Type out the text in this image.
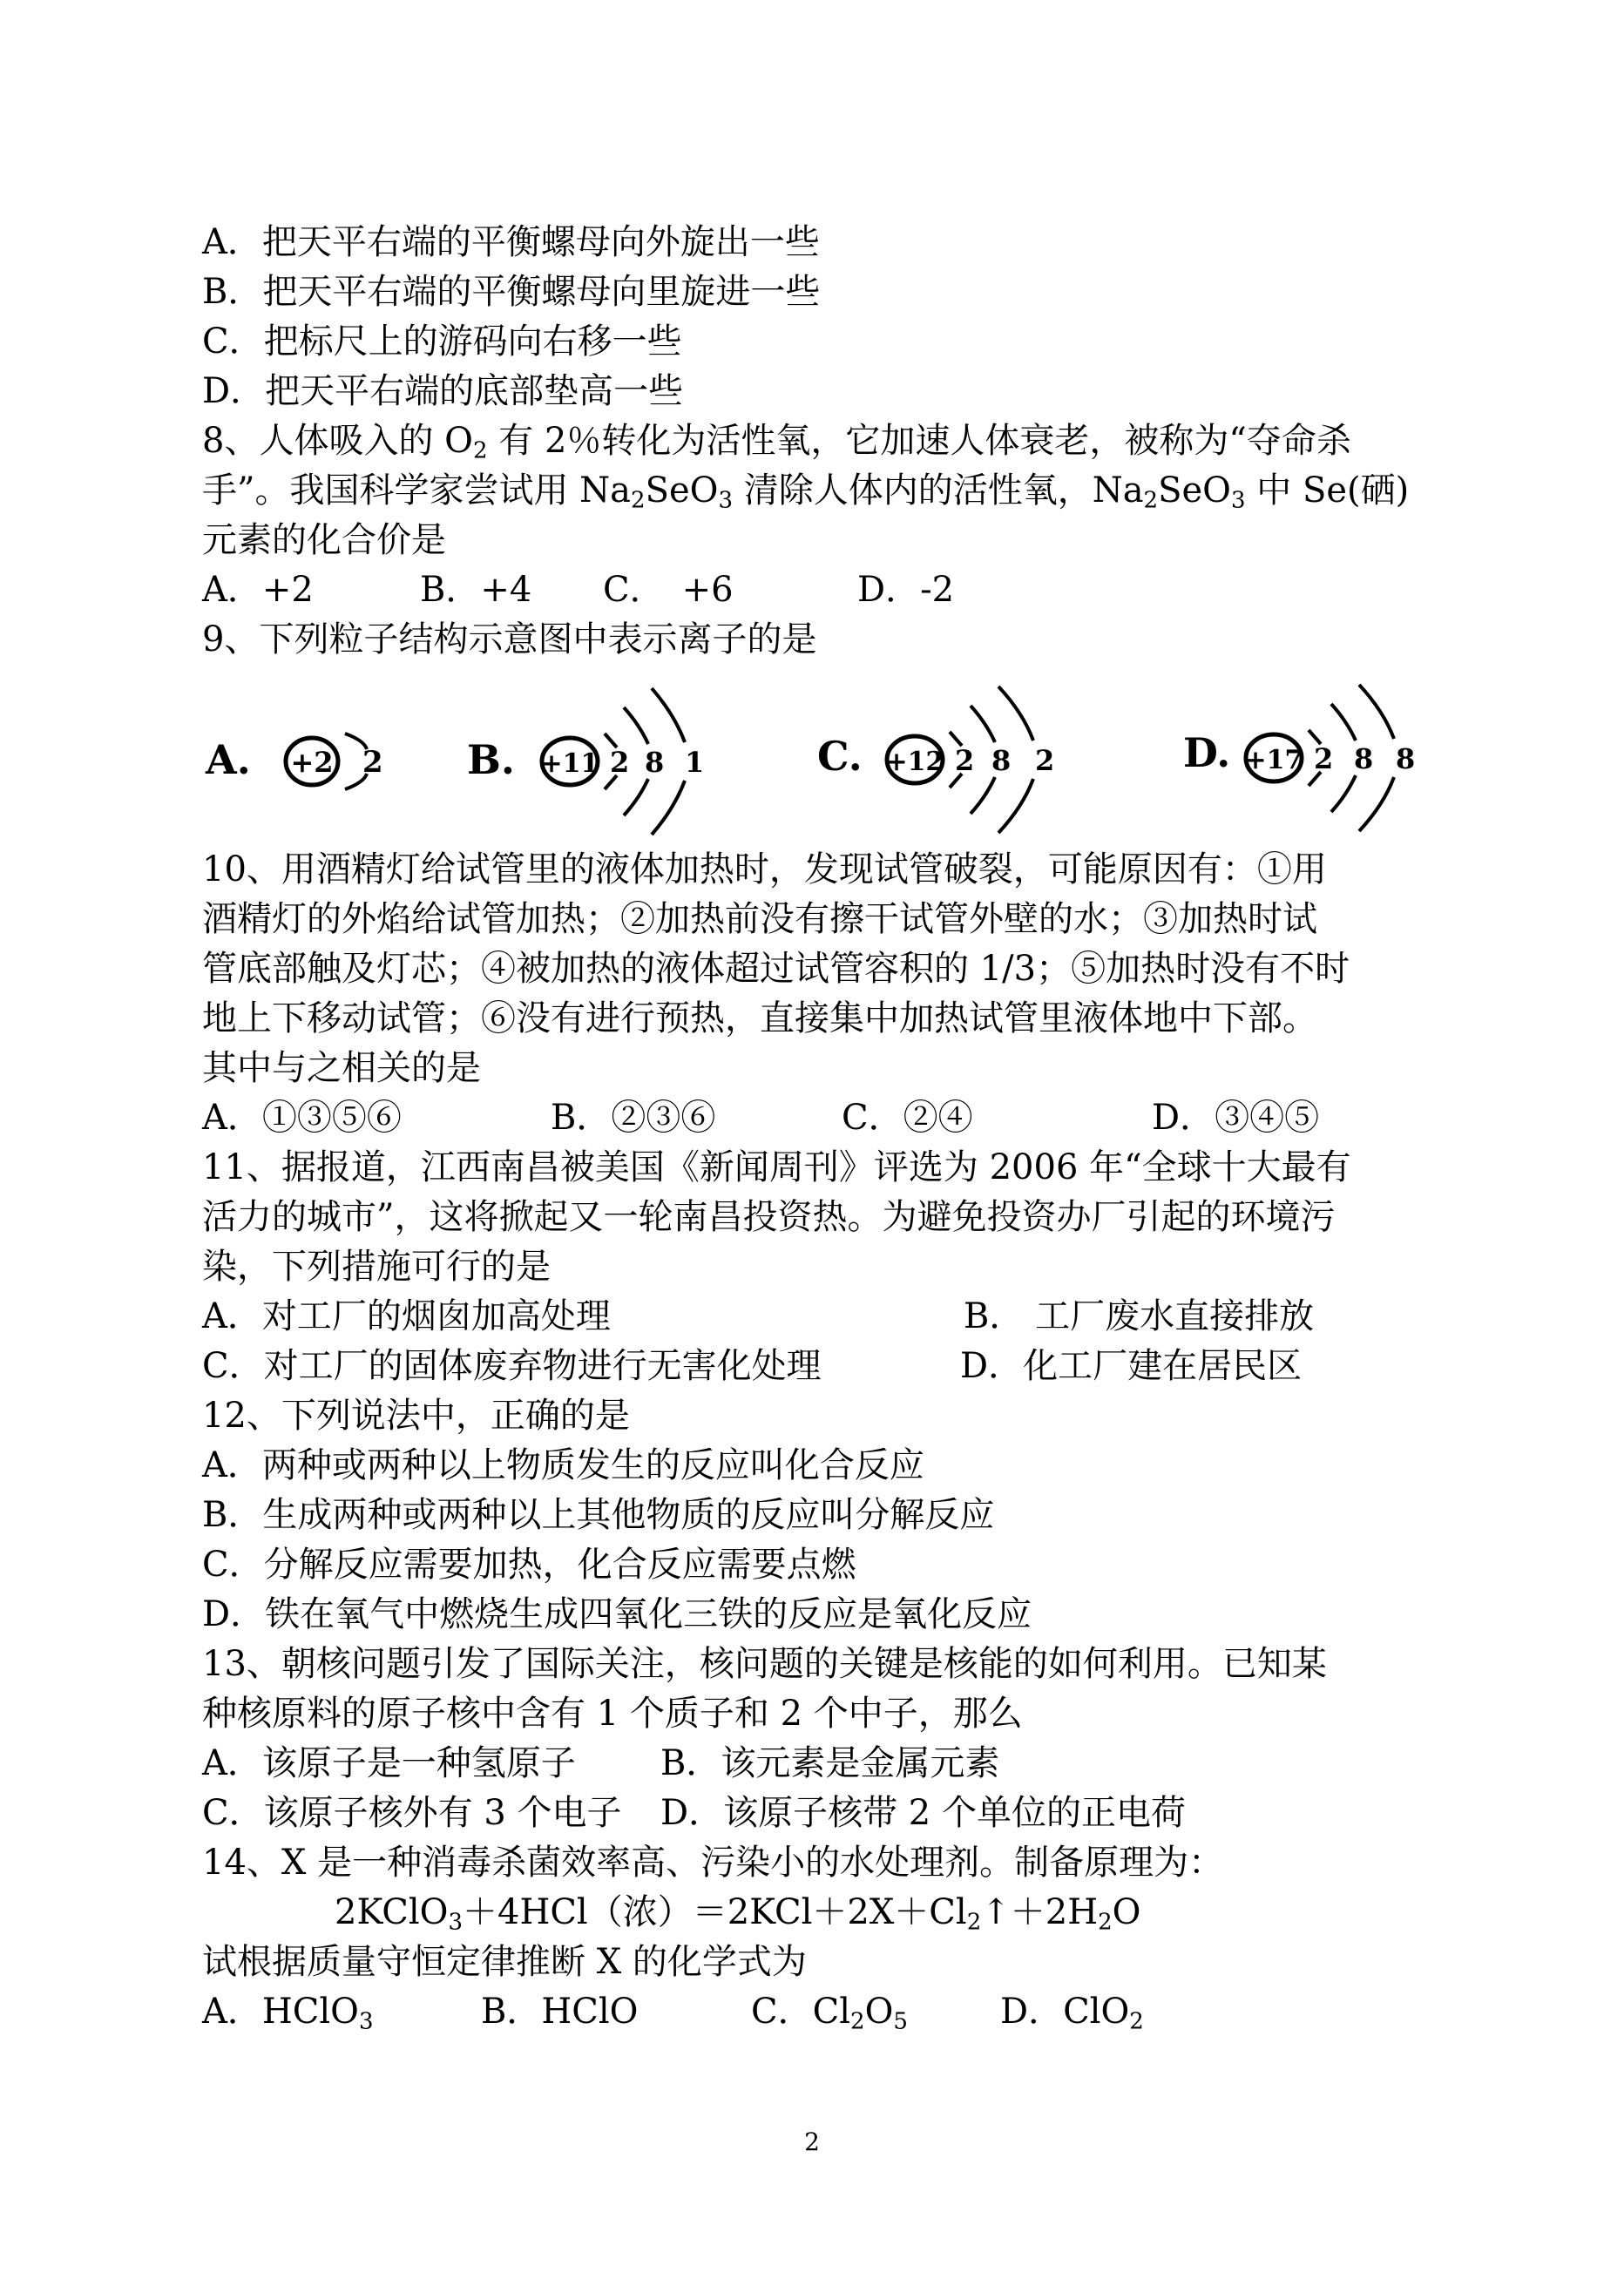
A．把天平右端的平衡螺母向外旋出一些
B．把天平右端的平衡螺母向里旋进一些
C．把标尺上的游码向右移一些
D．把天平右端的底部垫高一些
8、人体吸入的 $O_2$ 有 2％转化为活性氧，它加速人体衰老，被称为“夺命杀
手”。我国科学家尝试用 $Na_2SeO_3$ 清除人体内的活性氧，$Na_2SeO_3$ 中 Se(硒)
元素的化合价是
A．+2	B．+4 C．　+6	D．-2
9、下列粒子结构示意图中表示离子的是
A. +2 2 B. +11 2 8 1	C. +12 2 8 2	D. +17 2 8 8
10、用酒精灯给试管里的液体加热时，发现试管破裂，可能原因有：①用
酒精灯的外焰给试管加热；②加热前没有擦干试管外壁的水；③加热时试
管底部触及灯芯；④被加热的液体超过试管容积的 1/3；⑤加热时没有不时
地上下移动试管；⑥没有进行预热，直接集中加热试管里液体地中下部。
其中与之相关的是
A．①③⑤⑥	B．②③⑥	C．②④	D．③④⑤
11、据报道，江西南昌被美国《新闻周刊》评选为 2006 年“全球十大最有
活力的城市”，这将掀起又一轮南昌投资热。为避免投资办厂引起的环境污
染，下列措施可行的是
A．对工厂的烟囱加高处理	B． 工厂废水直接排放
C．对工厂的固体废弃物进行无害化处理	D．化工厂建在居民区
12、下列说法中，正确的是
A．两种或两种以上物质发生的反应叫化合反应
B．生成两种或两种以上其他物质的反应叫分解反应
C．分解反应需要加热，化合反应需要点燃
D．铁在氧气中燃烧生成四氧化三铁的反应是氧化反应
13、朝核问题引发了国际关注，核问题的关键是核能的如何利用。已知某
种核原料的原子核中含有 1 个质子和 2 个中子，那么
A．该原子是一种氢原子 B．该元素是金属元素
C．该原子核外有 3 个电子 D．该原子核带 2 个单位的正电荷
14、X 是一种消毒杀菌效率高、污染小的水处理剂。制备原理为：
2KClO$_3$＋4HCl（浓）$=2KCl+2X+Cl_2↑+2H_2O$
试根据质量守恒定律推断 X 的化学式为
A．HClO$_3$	B．HClO	C．$Cl_2O_5$	D．ClO$_2$
2
